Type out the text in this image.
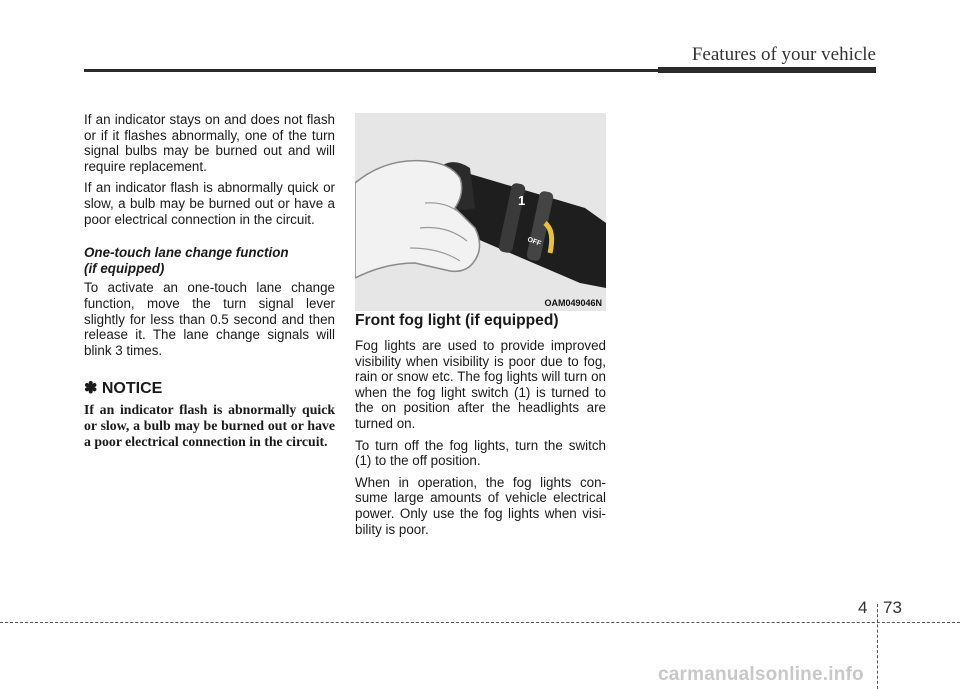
Features of your vehicle

If an indicator stays on and does not flash or if it flashes abnormally, one of the turn signal bulbs may be burned out and will require replacement.

If an indicator flash is abnormally quick or slow, a bulb may be burned out or have a poor electrical connection in the circuit.

One-touch lane change function
(if equipped)

To activate an one-touch lane change function, move the turn signal lever slightly for less than 0.5 second and then release it. The lane change signals will blink 3 times.

✽ NOTICE

If an indicator flash is abnormally quick or slow, a bulb may be burned out or have a poor electrical connection in the circuit.

1
OFF
OAM049046N
Front fog light (if equipped)

Fog lights are used to provide improved visibility when visibility is poor due to fog, rain or snow etc. The fog lights will turn on when the fog light switch (1) is turned to the on position after the headlights are turned on.

To turn off the fog lights, turn the switch (1) to the off position.

When in operation, the fog lights con-sume large amounts of vehicle electrical power. Only use the fog lights when visi-bility is poor.

4 73
carmanualsonline.info
